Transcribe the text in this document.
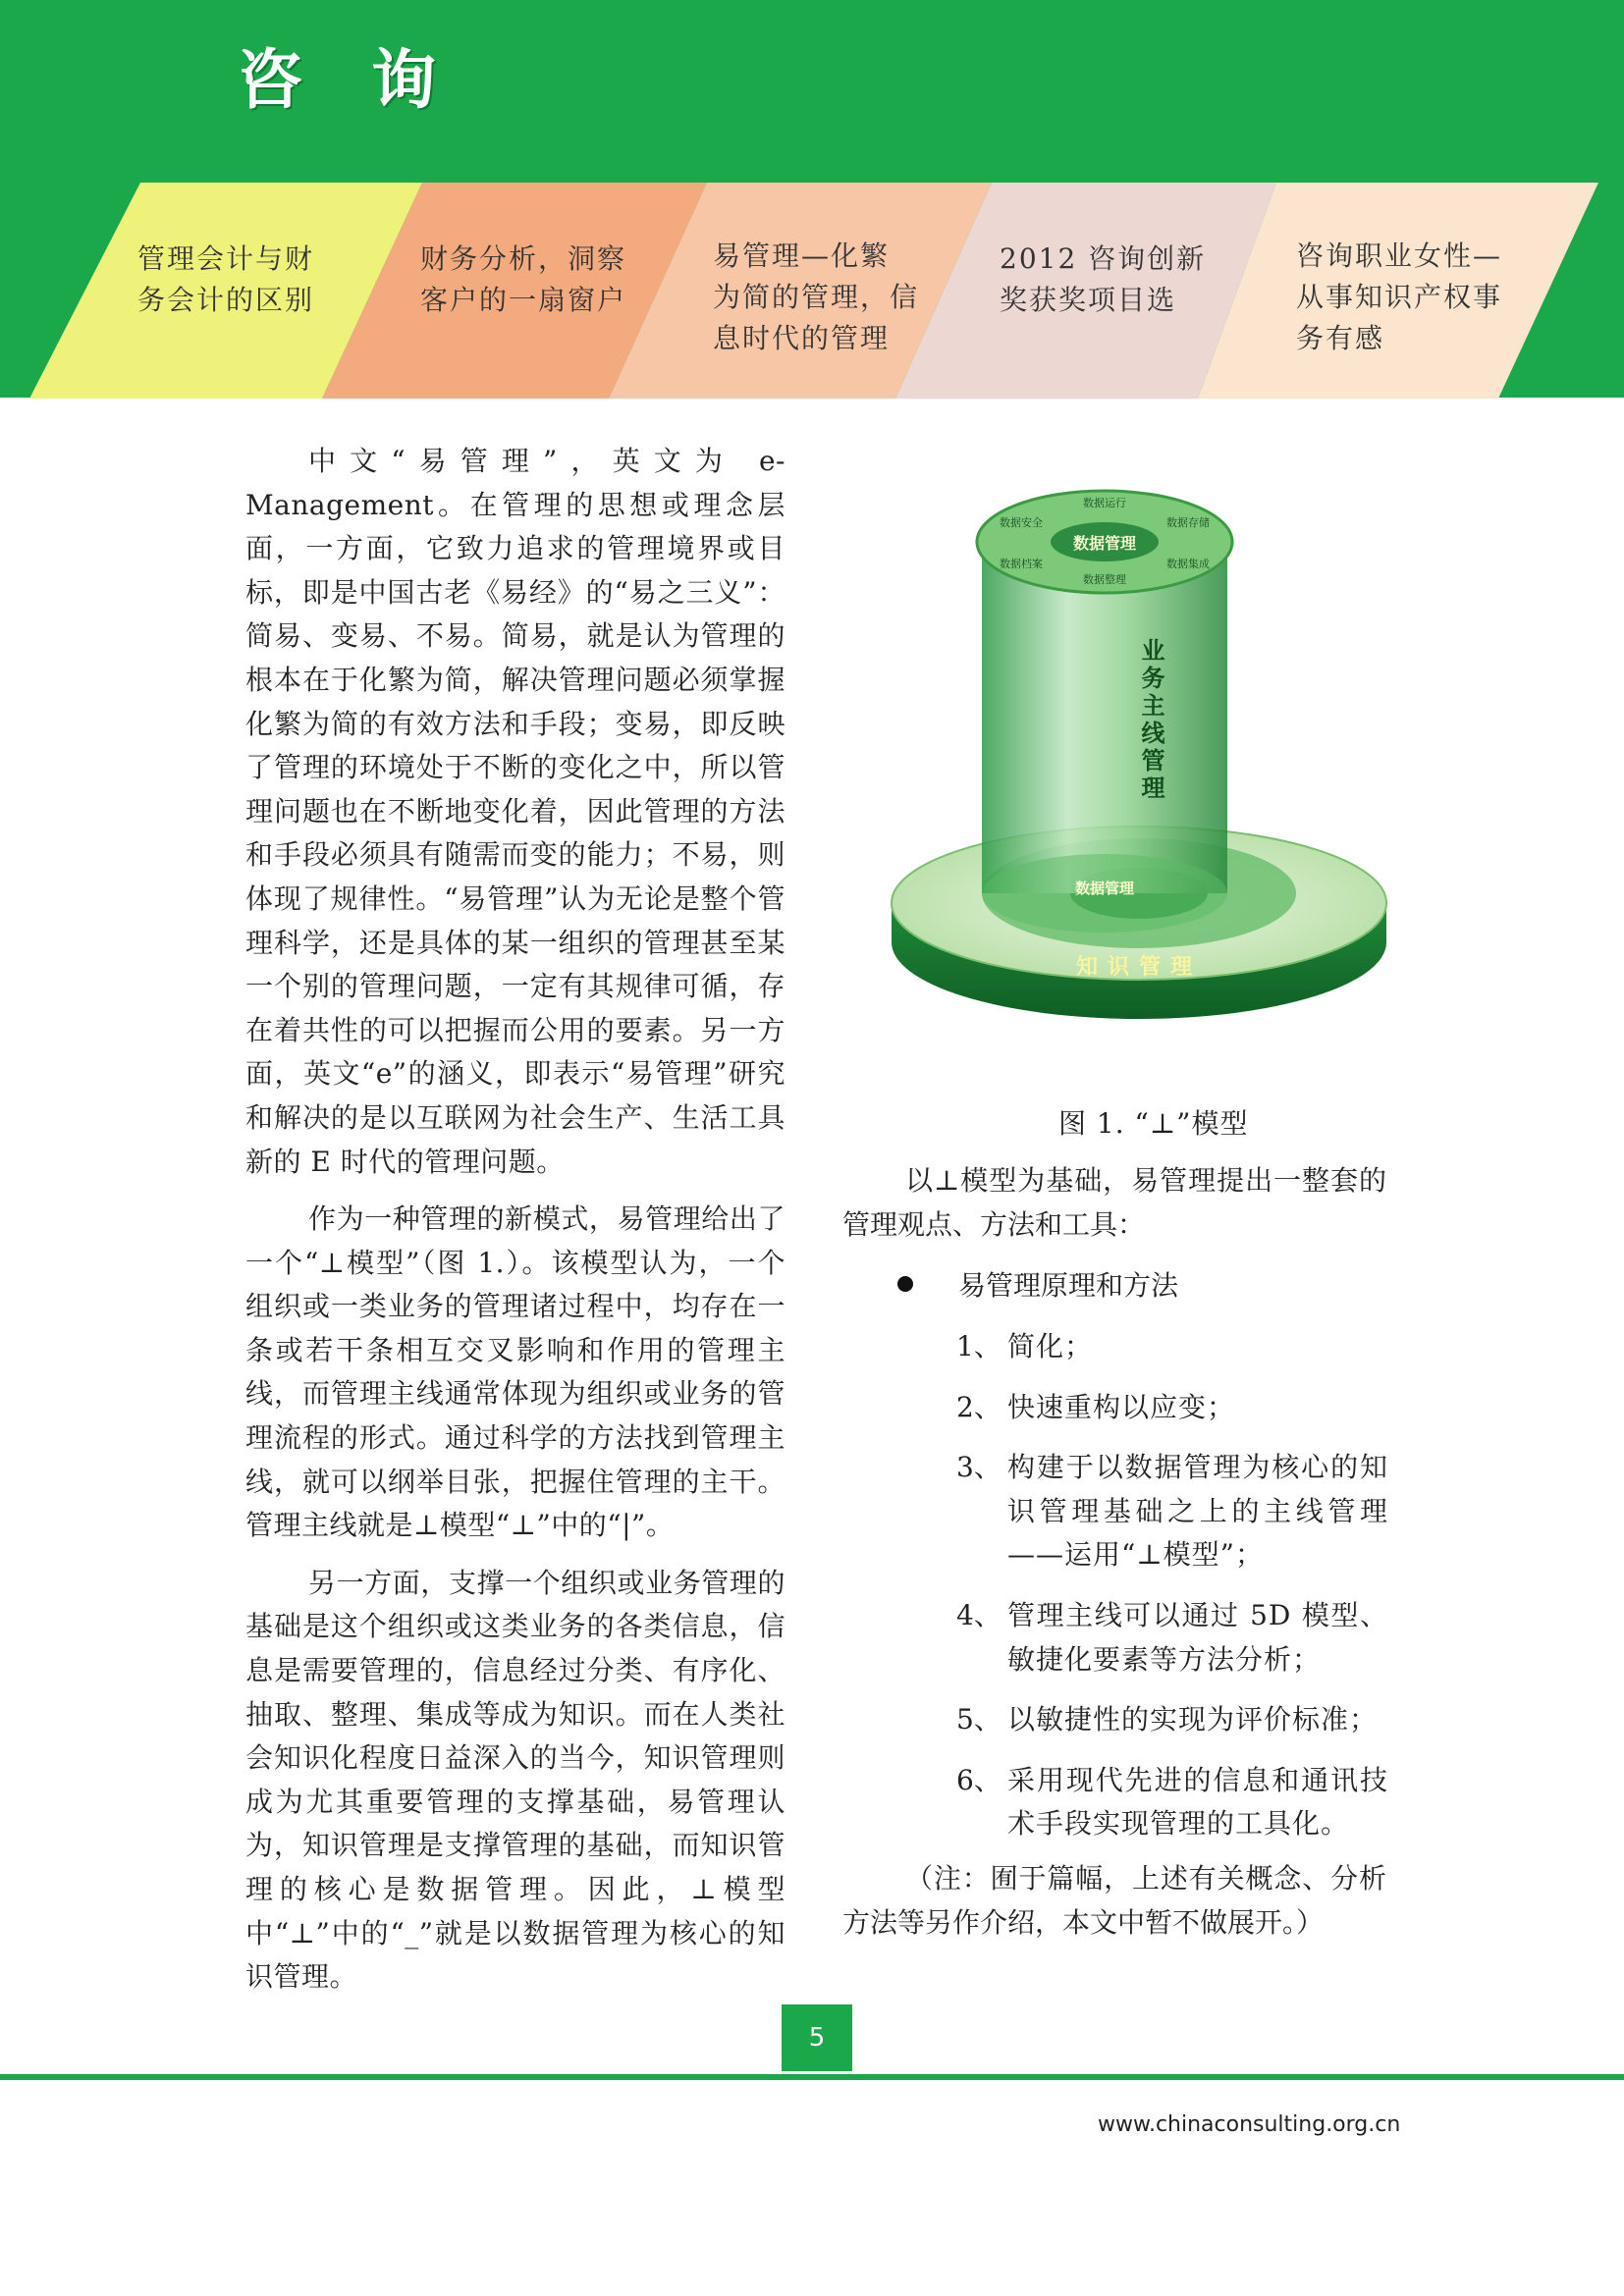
咨询
管理会计与财
务会计的区别
财务分析，洞察
客户的一扇窗户
易管理—化繁
为简的管理，信
息时代的管理
2012 咨询创新
奖获奖项目选
咨询职业女性—
从事知识产权事
务有感

中文“易管理”，英文为 e-Management。在管理的思想或理念层面，一方面，它致力追求的管理境界或目标，即是中国古老《易经》的“易之三义”：简易、变易、不易。简易，就是认为管理的根本在于化繁为简，解决管理问题必须掌握化繁为简的有效方法和手段；变易，即反映了管理的环境处于不断的变化之中，所以管理问题也在不断地变化着，因此管理的方法和手段必须具有随需而变的能力；不易，则体现了规律性。“易管理”认为无论是整个管理科学，还是具体的某一组织的管理甚至某一个别的管理问题，一定有其规律可循，存在着共性的可以把握而公用的要素。另一方面，英文“e”的涵义，即表示“易管理”研究和解决的是以互联网为社会生产、生活工具新的 E 时代的管理问题。

作为一种管理的新模式，易管理给出了一个“⊥模型”（图 1.）。该模型认为，一个组织或一类业务的管理诸过程中，均存在一条或若干条相互交叉影响和作用的管理主线，而管理主线通常体现为组织或业务的管理流程的形式。通过科学的方法找到管理主线，就可以纲举目张，把握住管理的主干。管理主线就是⊥模型“⊥”中的“|”。

另一方面，支撑一个组织或业务管理的基础是这个组织或这类业务的各类信息，信息是需要管理的，信息经过分类、有序化、抽取、整理、集成等成为知识。而在人类社会知识化程度日益深入的当今，知识管理则成为尤其重要管理的支撑基础，易管理认为，知识管理是支撑管理的基础，而知识管理的核心是数据管理。因此，⊥模型中“⊥”中的“_”就是以数据管理为核心的知识管理。

数据管理
数据管理
数据运行
数据存储
数据集成
数据整理
数据档案
数据安全
业务主线管理
知识管理
图 1. “⊥”模型
以⊥模型为基础，易管理提出一整套的管理观点、方法和工具：
易管理原理和方法
1、 简化；
2、 快速重构以应变；
3、 构建于以数据管理为核心的知识管理基础之上的主线管理——运用“⊥模型”；
4、 管理主线可以通过 5D 模型、敏捷化要素等方法分析；
5、 以敏捷性的实现为评价标准；
6、 采用现代先进的信息和通讯技术手段实现管理的工具化。
（注：囿于篇幅，上述有关概念、分析方法等另作介绍，本文中暂不做展开。）
5
www.chinaconsulting.org.cn
